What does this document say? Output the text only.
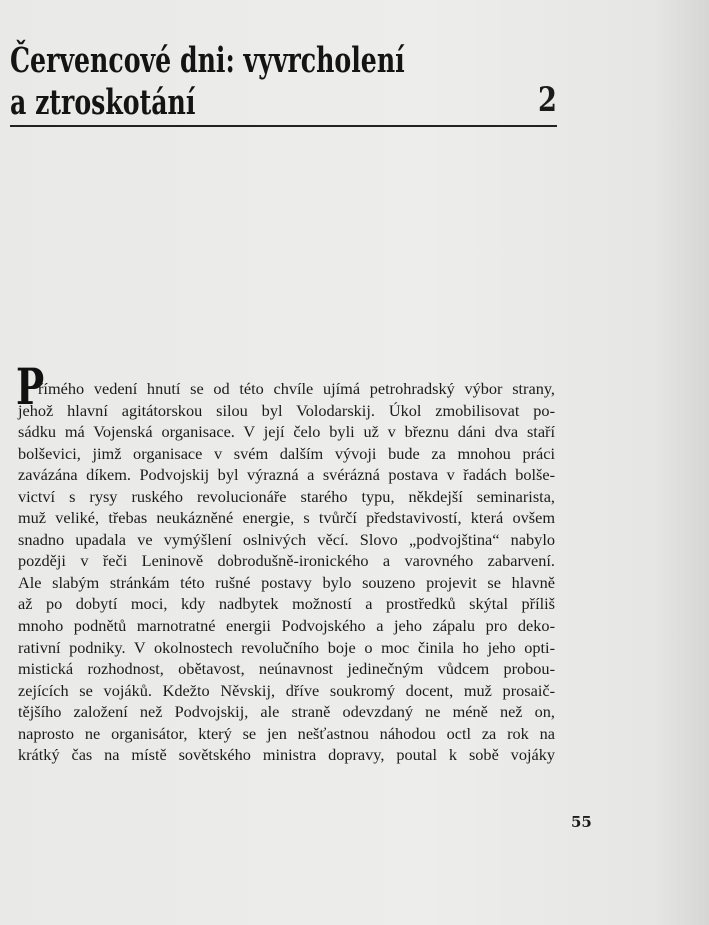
Červencové dni: vyvrcholení
a ztroskotání	2
P
římého vedení hnutí se od této chvíle ujímá petrohradský výbor strany,
jehož hlavní agitátorskou silou byl Volodarskij. Úkol zmobilisovat po-
sádku má Vojenská organisace. V její čelo byli už v březnu dáni dva staří
bolševici, jimž organisace v svém dalším vývoji bude za mnohou práci
zavázána díkem. Podvojskij byl výrazná a svérázná postava v řadách bolše-
victví s rysy ruského revolucionáře starého typu, někdejší seminarista,
muž veliké, třebas neukázněné energie, s tvůrčí představivostí, která ovšem
snadno upadala ve vymýšlení oslnivých věcí. Slovo „podvojština“ nabylo
později v řeči Leninově dobrodušně-ironického a varovného zabarvení.
Ale slabým stránkám této rušné postavy bylo souzeno projevit se hlavně
až po dobytí moci, kdy nadbytek možností a prostředků skýtal příliš
mnoho podnětů marnotratné energii Podvojského a jeho zápalu pro deko-
rativní podniky. V okolnostech revolučního boje o moc činila ho jeho opti-
mistická rozhodnost, obětavost, neúnavnost jedinečným vůdcem probou-
zejících se vojáků. Kdežto Něvskij, dříve soukromý docent, muž prosaič-
tějšího založení než Podvojskij, ale straně odevzdaný ne méně než on,
naprosto ne organisátor, který se jen nešťastnou náhodou octl za rok na
krátký čas na místě sovětského ministra dopravy, poutal k sobě vojáky
55
